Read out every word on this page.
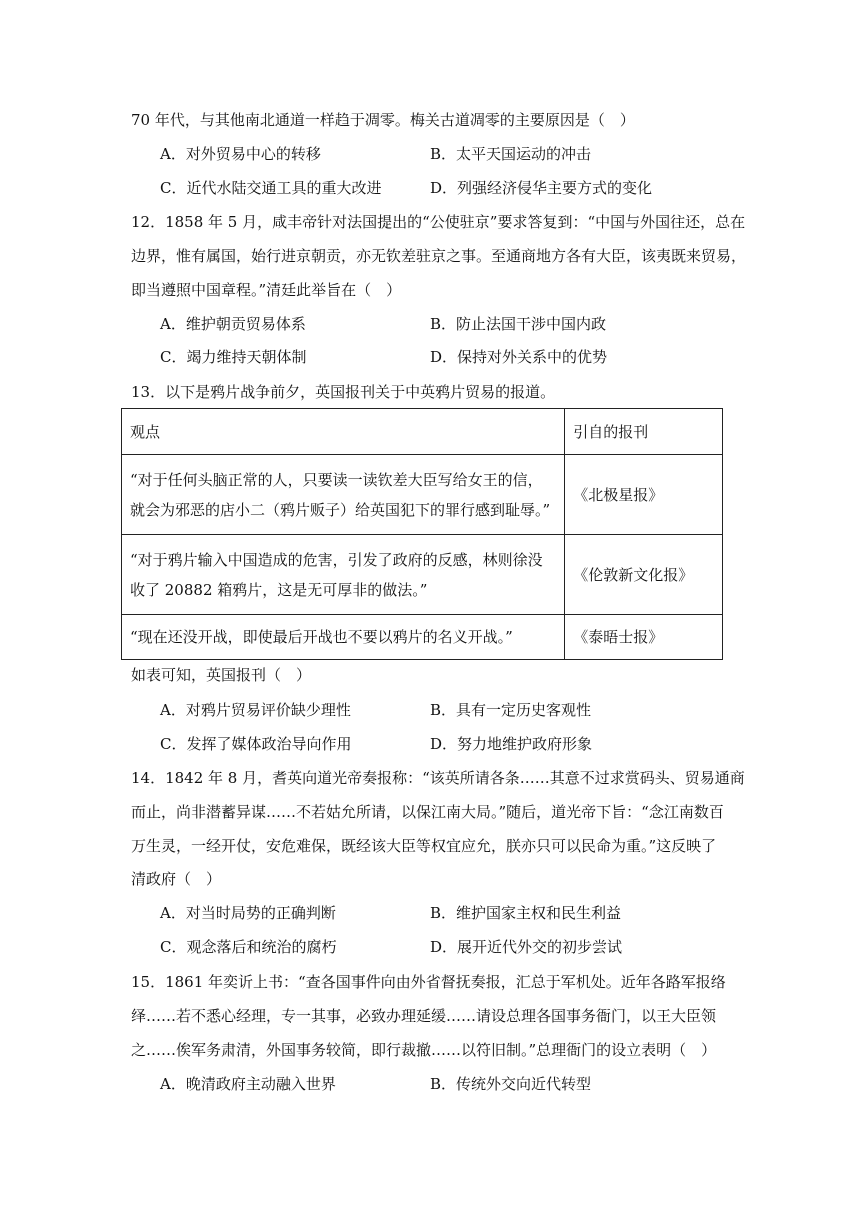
70 年代，与其他南北通道一样趋于凋零。梅关古道凋零的主要原因是（　）
A．对外贸易中心的转移	B．太平天国运动的冲击
C．近代水陆交通工具的重大改进	D．列强经济侵华主要方式的变化
12．1858 年 5 月，咸丰帝针对法国提出的“公使驻京”要求答复到：“中国与外国往还，总在
边界，惟有属国，始行进京朝贡，亦无钦差驻京之事。至通商地方各有大臣，该夷既来贸易，
即当遵照中国章程。”清廷此举旨在（　）
A．维护朝贡贸易体系	B．防止法国干涉中国内政
C．竭力维持天朝体制	D．保持对外关系中的优势
13．以下是鸦片战争前夕，英国报刊关于中英鸦片贸易的报道。
观点	引自的报刊

“对于任何头脑正常的人，只要读一读钦差大臣写给女王的信，
就会为邪恶的店小二（鸦片贩子）给英国犯下的罪行感到耻辱。”	《北极星报》

“对于鸦片输入中国造成的危害，引发了政府的反感，林则徐没
收了 20882 箱鸦片，这是无可厚非的做法。”	《伦敦新文化报》

“现在还没开战，即使最后开战也不要以鸦片的名义开战。”	《泰晤士报》
如表可知，英国报刊（　）
A．对鸦片贸易评价缺少理性	B．具有一定历史客观性
C．发挥了媒体政治导向作用	D．努力地维护政府形象
14．1842 年 8 月，耆英向道光帝奏报称：“该英所请各条……其意不过求赏码头、贸易通商
而止，尚非潜蓄异谋……不若姑允所请，以保江南大局。”随后，道光帝下旨：“念江南数百
万生灵，一经开仗，安危难保，既经该大臣等权宜应允，朕亦只可以民命为重。”这反映了
清政府（　）
A．对当时局势的正确判断	B．维护国家主权和民生利益
C．观念落后和统治的腐朽	D．展开近代外交的初步尝试
15．1861 年奕䜣上书：“查各国事件向由外省督抚奏报，汇总于军机处。近年各路军报络
绎……若不悉心经理，专一其事，必致办理延缓……请设总理各国事务衙门，以王大臣领
之……俟军务肃清，外国事务较简，即行裁撤……以符旧制。”总理衙门的设立表明（　）
A．晚清政府主动融入世界	B．传统外交向近代转型
